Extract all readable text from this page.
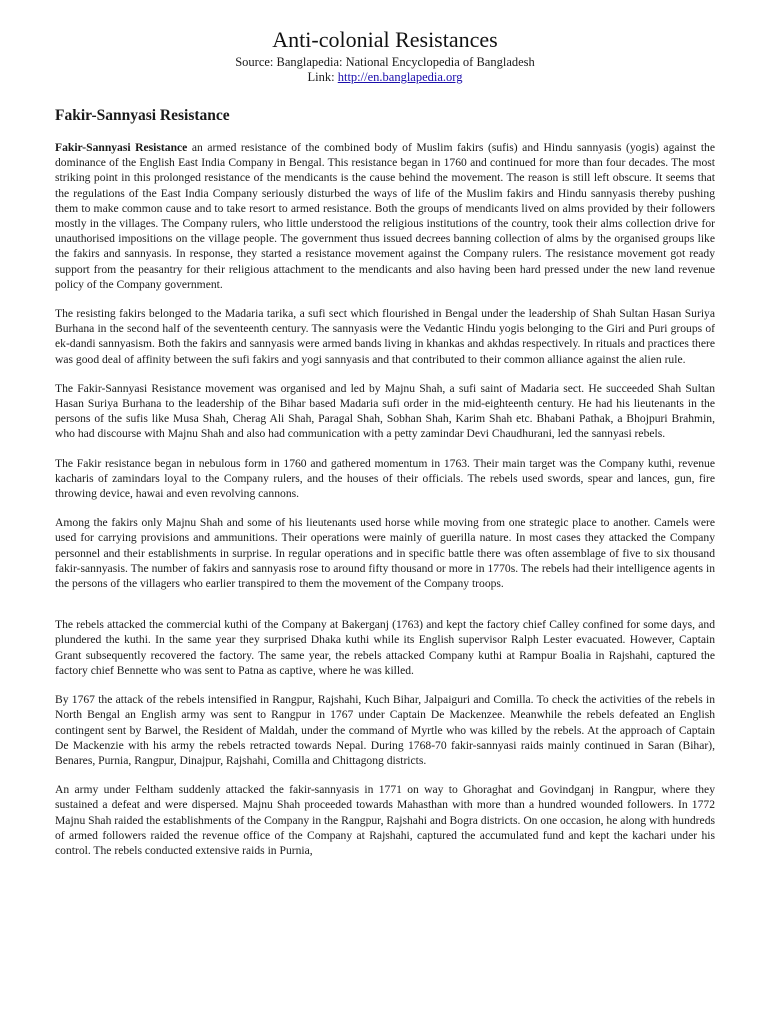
Anti-colonial Resistances
Source: Banglapedia: National Encyclopedia of Bangladesh
Link: http://en.banglapedia.org
Fakir-Sannyasi Resistance

Fakir-Sannyasi Resistance an armed resistance of the combined body of Muslim fakirs (sufis) and Hindu sannyasis (yogis) against the dominance of the English East India Company in Bengal. This resistance began in 1760 and continued for more than four decades. The most striking point in this prolonged resistance of the mendicants is the cause behind the movement. The reason is still left obscure. It seems that the regulations of the East India Company seriously disturbed the ways of life of the Muslim fakirs and Hindu sannyasis thereby pushing them to make common cause and to take resort to armed resistance. Both the groups of mendicants lived on alms provided by their followers mostly in the villages. The Company rulers, who little understood the religious institutions of the country, took their alms collection drive for unauthorised impositions on the village people. The government thus issued decrees banning collection of alms by the organised groups like the fakirs and sannyasis. In response, they started a resistance movement against the Company rulers. The resistance movement got ready support from the peasantry for their religious attachment to the mendicants and also having been hard pressed under the new land revenue policy of the Company government.

The resisting fakirs belonged to the Madaria tarika, a sufi sect which flourished in Bengal under the leadership of Shah Sultan Hasan Suriya Burhana in the second half of the seventeenth century. The sannyasis were the Vedantic Hindu yogis belonging to the Giri and Puri groups of ek-dandi sannyasism. Both the fakirs and sannyasis were armed bands living in khankas and akhdas respectively. In rituals and practices there was good deal of affinity between the sufi fakirs and yogi sannyasis and that contributed to their common alliance against the alien rule.

The Fakir-Sannyasi Resistance movement was organised and led by Majnu Shah, a sufi saint of Madaria sect. He succeeded Shah Sultan Hasan Suriya Burhana to the leadership of the Bihar based Madaria sufi order in the mid-eighteenth century. He had his lieutenants in the persons of the sufis like Musa Shah, Cherag Ali Shah, Paragal Shah, Sobhan Shah, Karim Shah etc. Bhabani Pathak, a Bhojpuri Brahmin, who had discourse with Majnu Shah and also had communication with a petty zamindar Devi Chaudhurani, led the sannyasi rebels.

The Fakir resistance began in nebulous form in 1760 and gathered momentum in 1763. Their main target was the Company kuthi, revenue kacharis of zamindars loyal to the Company rulers, and the houses of their officials. The rebels used swords, spear and lances, gun, fire throwing device, hawai and even revolving cannons.

Among the fakirs only Majnu Shah and some of his lieutenants used horse while moving from one strategic place to another. Camels were used for carrying provisions and ammunitions. Their operations were mainly of guerilla nature. In most cases they attacked the Company personnel and their establishments in surprise. In regular operations and in specific battle there was often assemblage of five to six thousand fakir-sannyasis. The number of fakirs and sannyasis rose to around fifty thousand or more in 1770s. The rebels had their intelligence agents in the persons of the villagers who earlier transpired to them the movement of the Company troops.

The rebels attacked the commercial kuthi of the Company at Bakerganj (1763) and kept the factory chief Calley confined for some days, and plundered the kuthi. In the same year they surprised Dhaka kuthi while its English supervisor Ralph Lester evacuated. However, Captain Grant subsequently recovered the factory. The same year, the rebels attacked Company kuthi at Rampur Boalia in Rajshahi, captured the factory chief Bennette who was sent to Patna as captive, where he was killed.

By 1767 the attack of the rebels intensified in Rangpur, Rajshahi, Kuch Bihar, Jalpaiguri and Comilla. To check the activities of the rebels in North Bengal an English army was sent to Rangpur in 1767 under Captain De Mackenzee. Meanwhile the rebels defeated an English contingent sent by Barwel, the Resident of Maldah, under the command of Myrtle who was killed by the rebels. At the approach of Captain De Mackenzie with his army the rebels retracted towards Nepal. During 1768-70 fakir-sannyasi raids mainly continued in Saran (Bihar), Benares, Purnia, Rangpur, Dinajpur, Rajshahi, Comilla and Chittagong districts.

An army under Feltham suddenly attacked the fakir-sannyasis in 1771 on way to Ghoraghat and Govindganj in Rangpur, where they sustained a defeat and were dispersed. Majnu Shah proceeded towards Mahasthan with more than a hundred wounded followers. In 1772 Majnu Shah raided the establishments of the Company in the Rangpur, Rajshahi and Bogra districts. On one occasion, he along with hundreds of armed followers raided the revenue office of the Company at Rajshahi, captured the accumulated fund and kept the kachari under his control. The rebels conducted extensive raids in Purnia,
